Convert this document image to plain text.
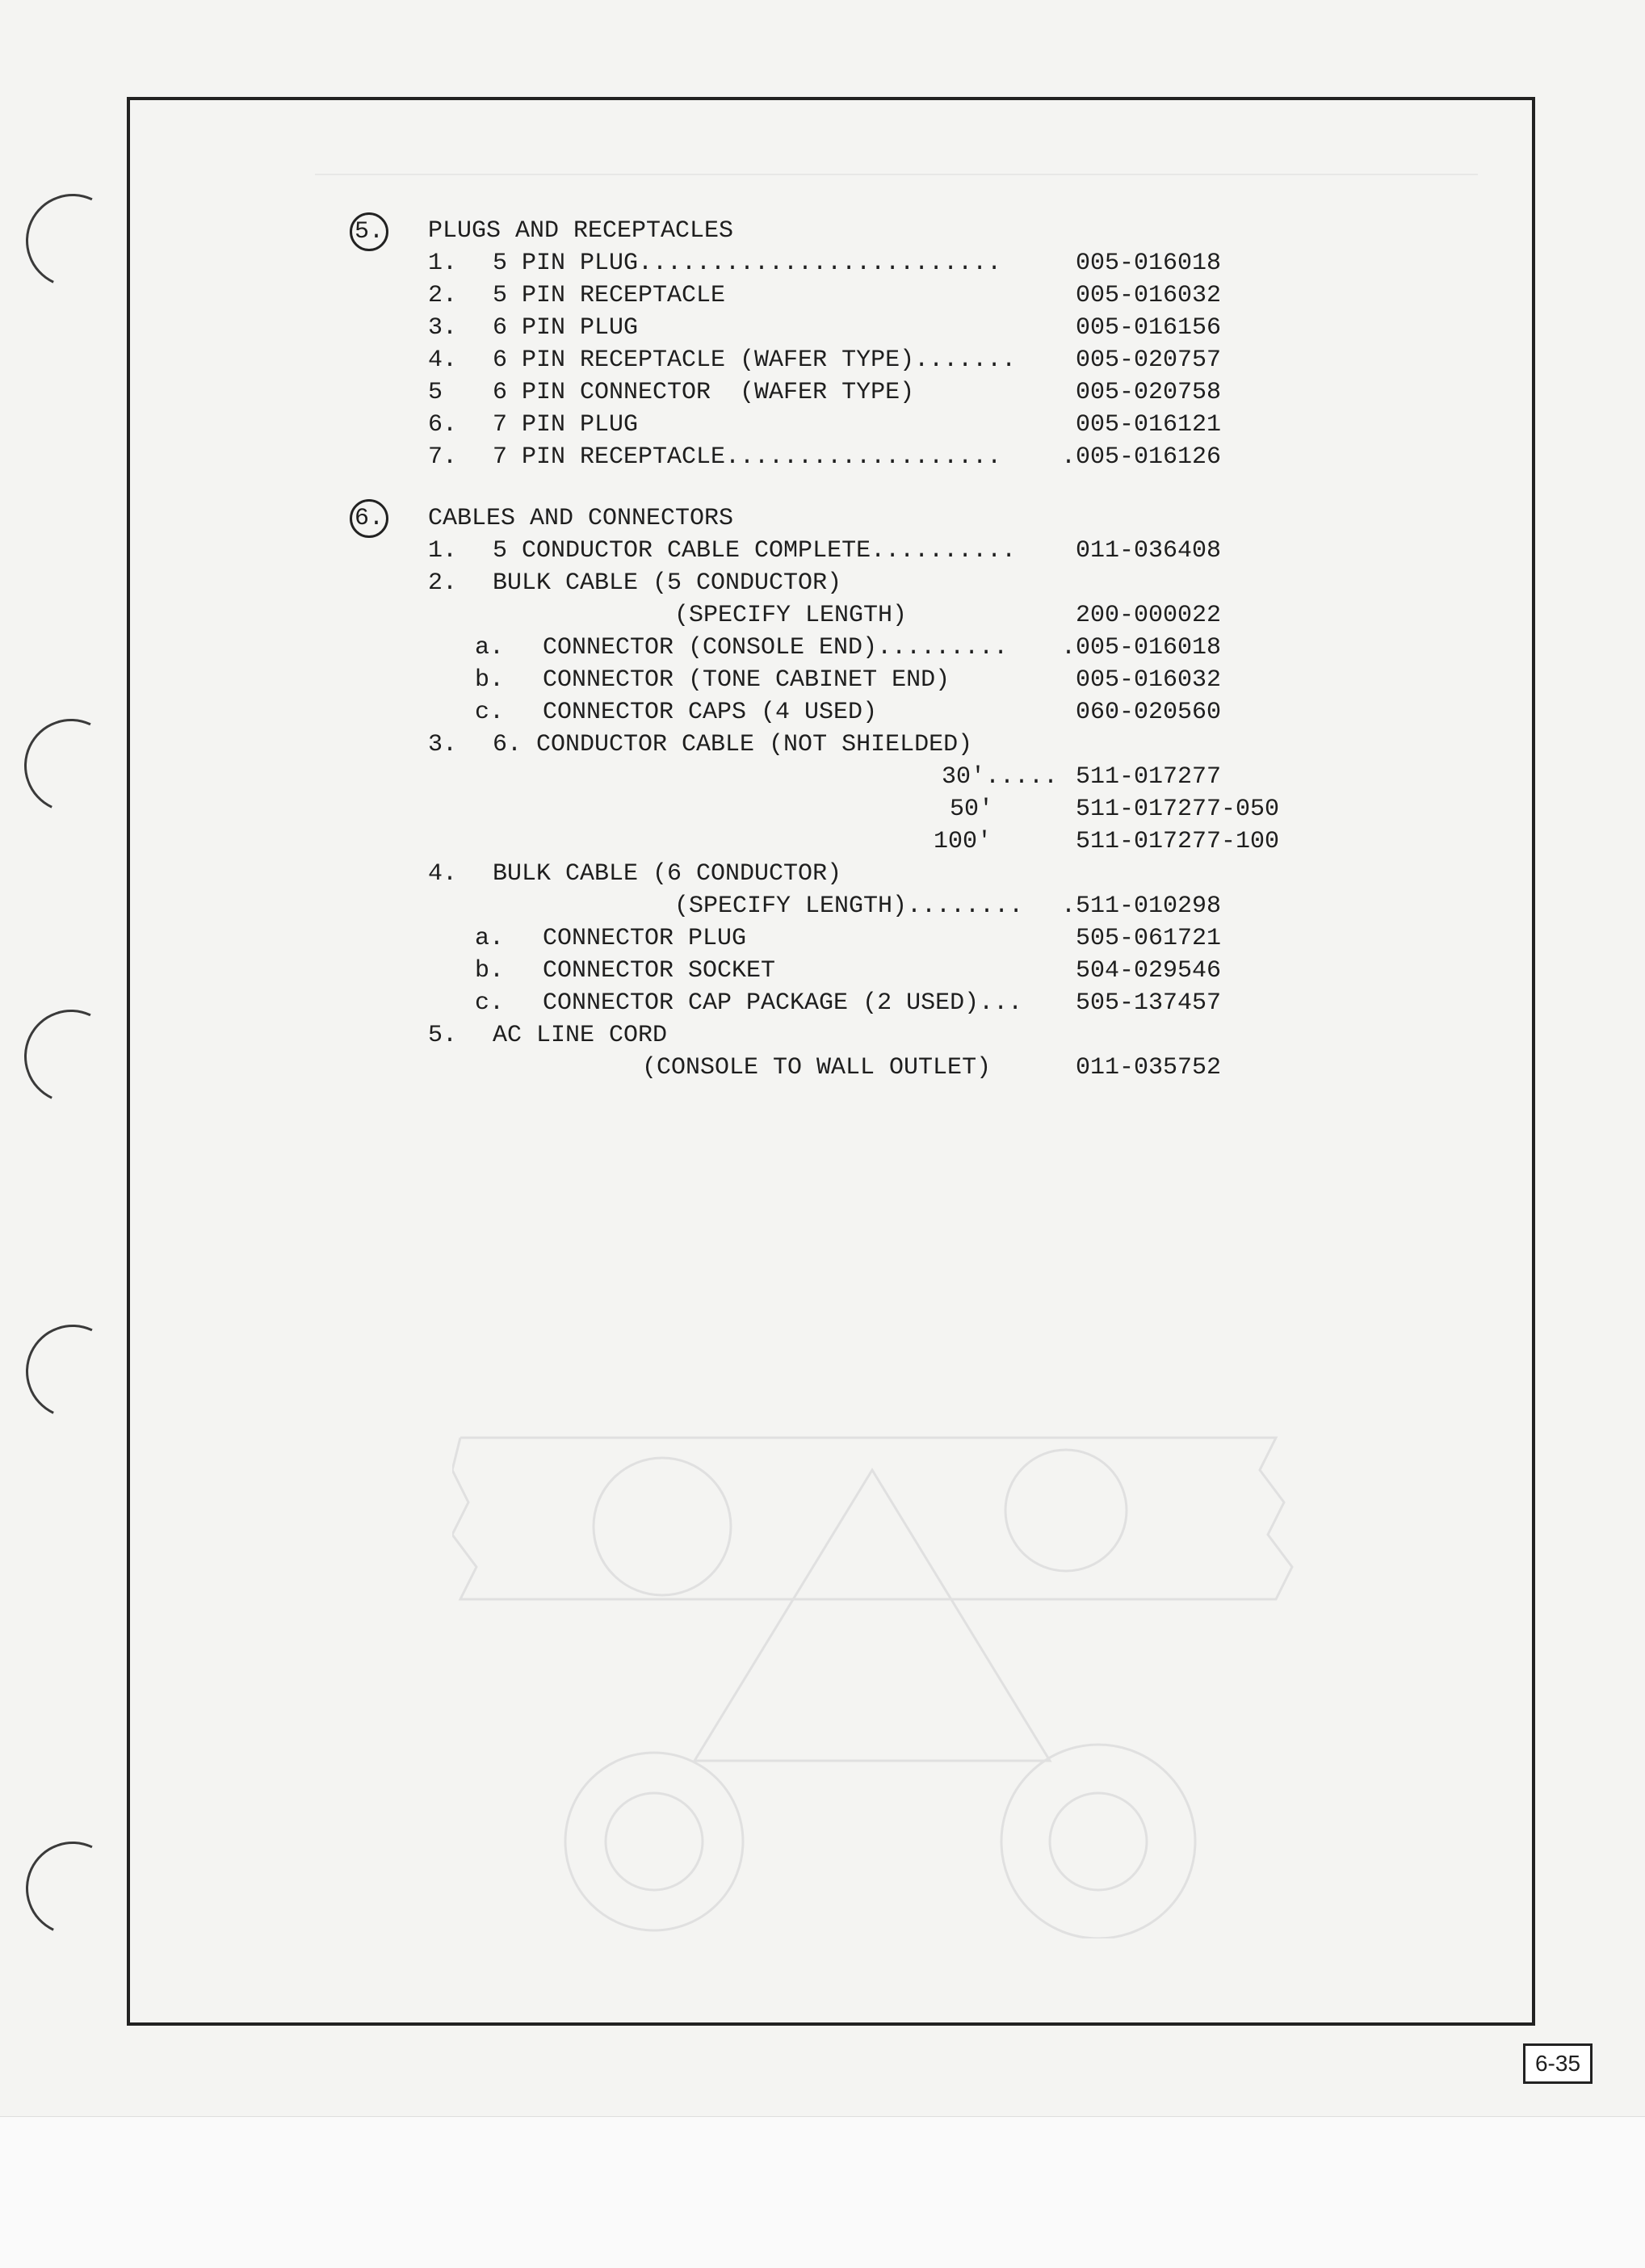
5. PLUGS AND RECEPTACLES
1. 5 PIN PLUG.........................	005-016018
2. 5 PIN RECEPTACLE	005-016032
3. 6 PIN PLUG	005-016156
4. 6 PIN RECEPTACLE (WAFER TYPE)....... 005-020757
5 6 PIN CONNECTOR  (WAFER TYPE)	005-020758
6. 7 PIN PLUG	005-016121
7. 7 PIN RECEPTACLE................... .005-016126
6. CABLES AND CONNECTORS
1. 5 CONDUCTOR CABLE COMPLETE.......... 011-036408
2. BULK CABLE (5 CONDUCTOR)
(SPECIFY LENGTH)	200-000022
a. CONNECTOR (CONSOLE END)......... .005-016018
b. CONNECTOR (TONE CABINET END)	005-016032
c. CONNECTOR CAPS (4 USED)	060-020560
3. 6. CONDUCTOR CABLE (NOT SHIELDED)
30'..... 511-017277
50'	511-017277-050
100'	511-017277-100
4. BULK CABLE (6 CONDUCTOR)
(SPECIFY LENGTH)........ .511-010298
a. CONNECTOR PLUG	505-061721
b. CONNECTOR SOCKET	504-029546
c. CONNECTOR CAP PACKAGE (2 USED)... 505-137457
5. AC LINE CORD
(CONSOLE TO WALL OUTLET)	011-035752
6-35
